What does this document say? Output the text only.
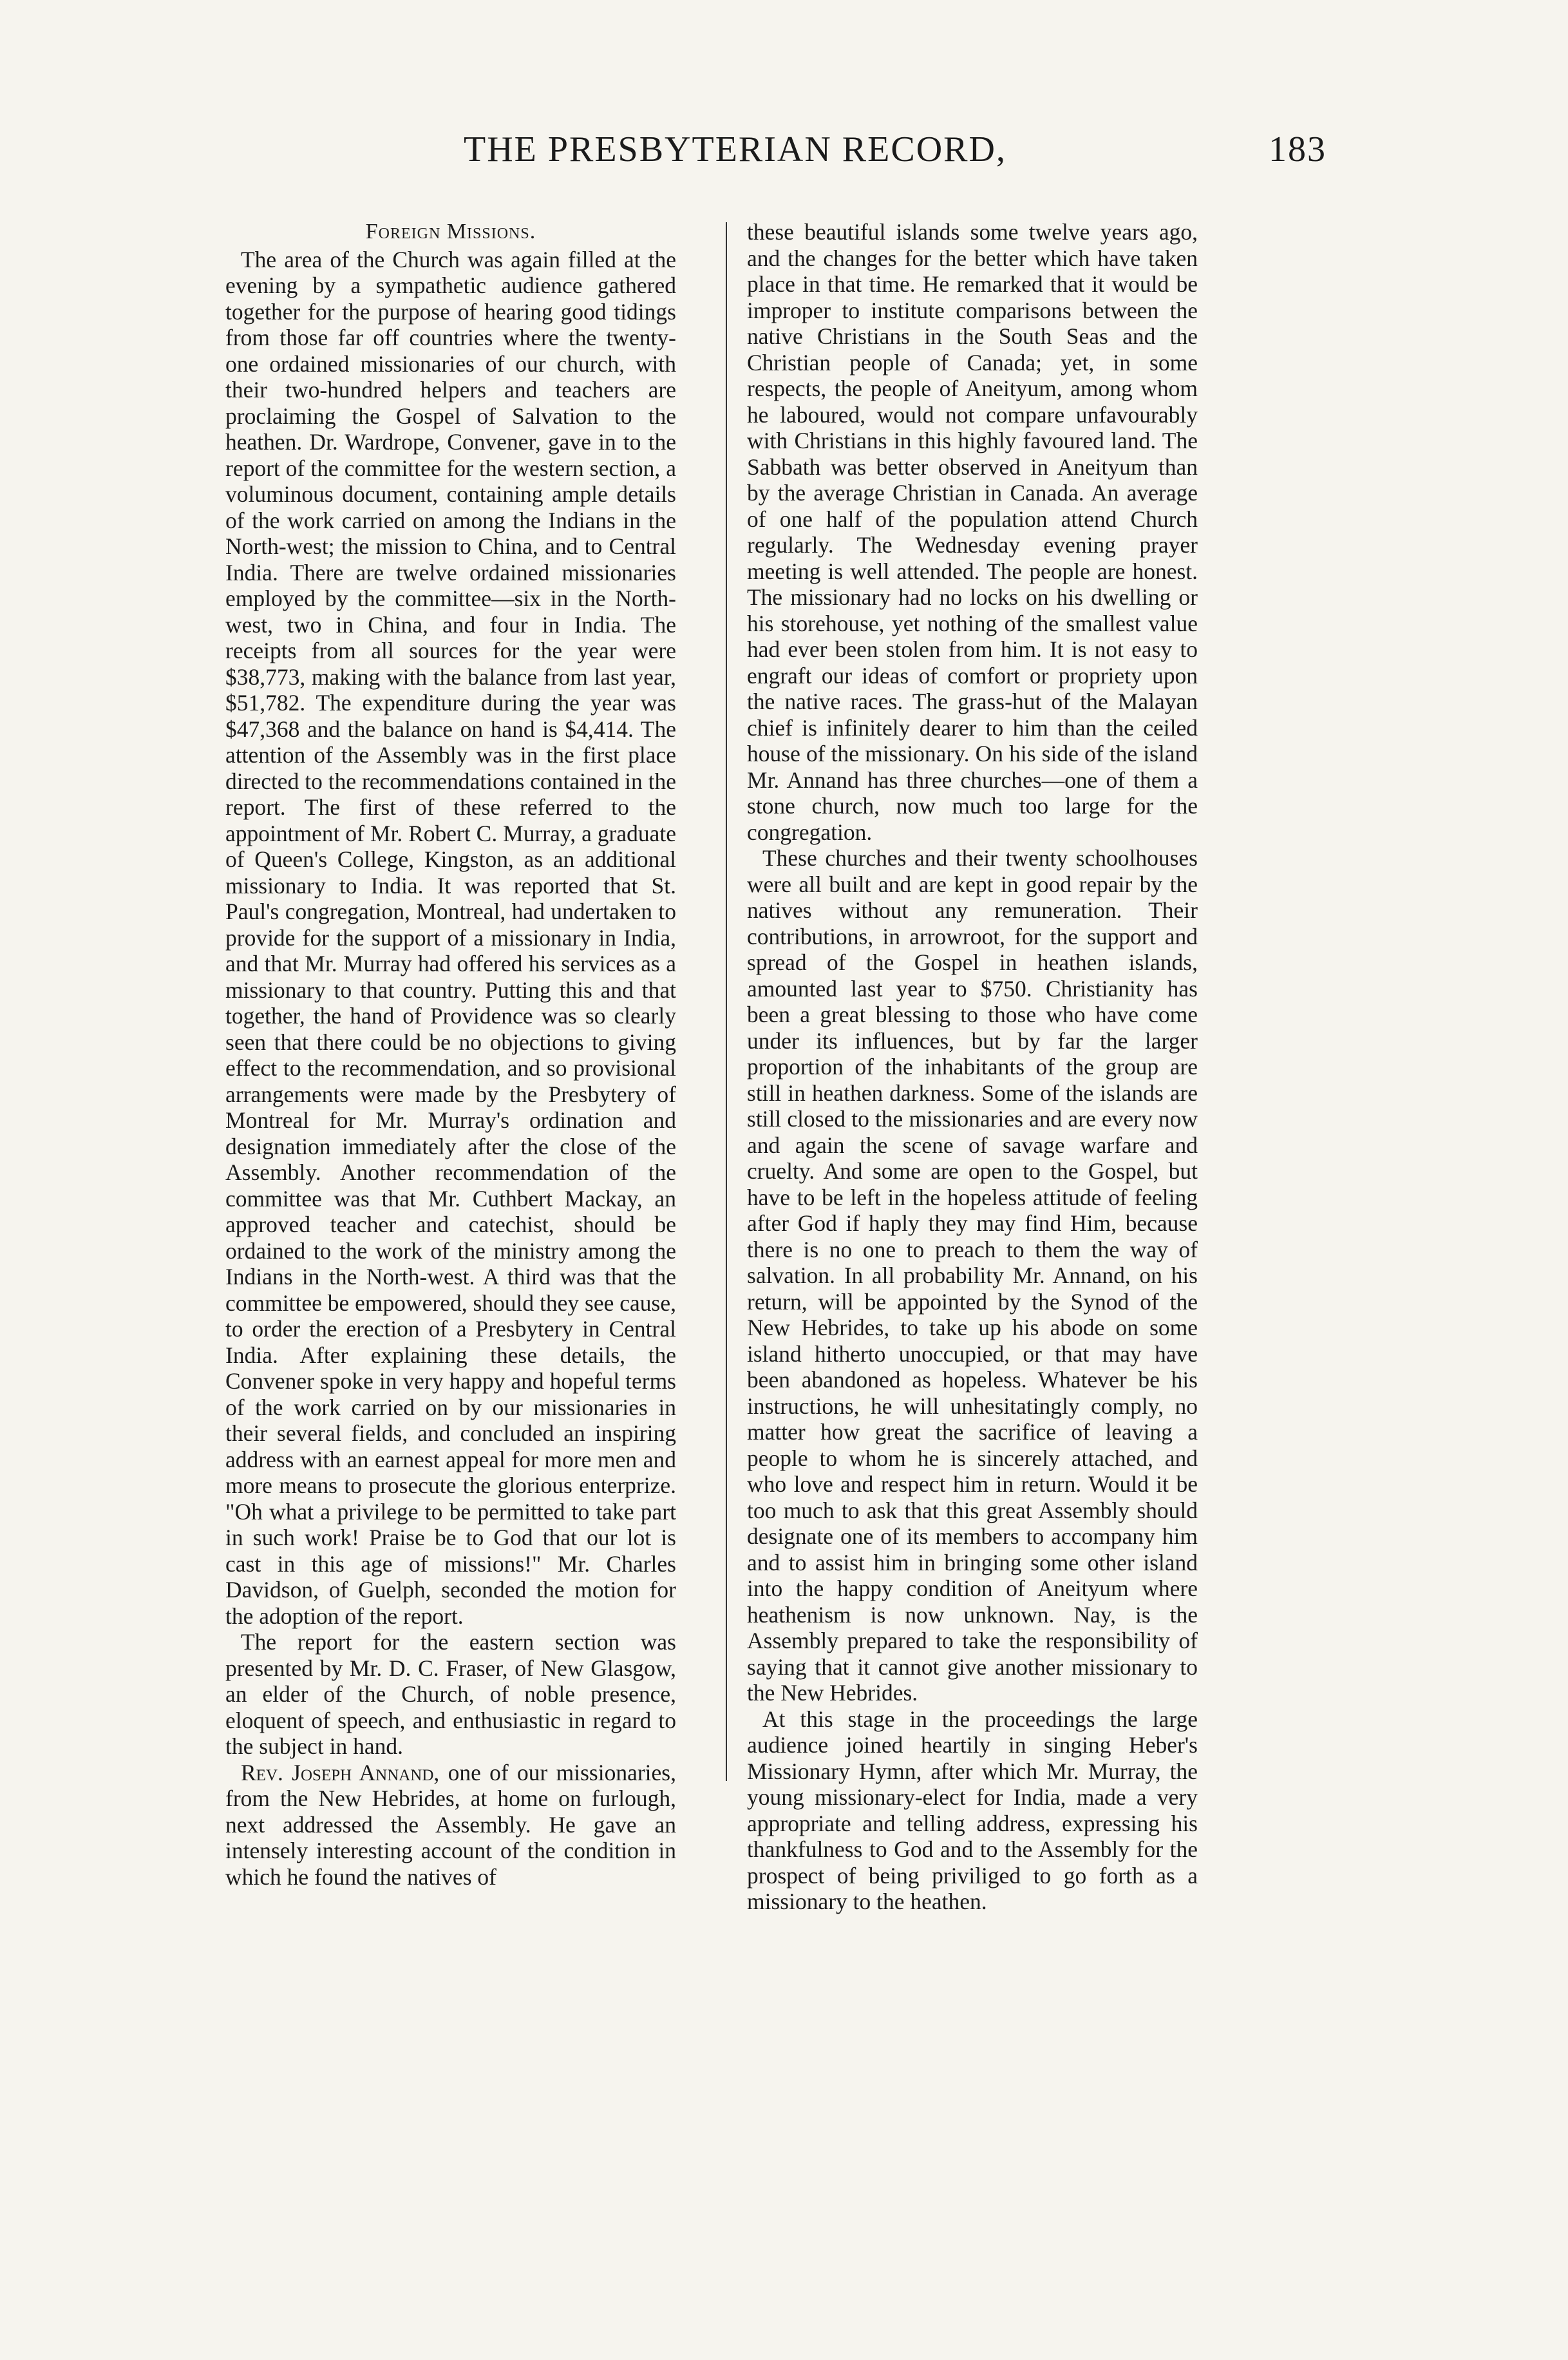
THE PRESBYTERIAN RECORD,	183
Foreign Missions.

The area of the Church was again filled at the evening by a sympathetic audience gathered together for the purpose of hearing good tidings from those far off countries where the twenty-one ordained missionaries of our church, with their two-hundred helpers and teachers are proclaiming the Gospel of Salvation to the heathen. Dr. Wardrope, Convener, gave in to the report of the committee for the western section, a voluminous document, containing ample details of the work carried on among the Indians in the North-west; the mission to China, and to Central India. There are twelve ordained missionaries employed by the committee—six in the North-west, two in China, and four in India. The receipts from all sources for the year were $38,773, making with the balance from last year, $51,782. The expenditure during the year was $47,368 and the balance on hand is $4,414. The attention of the Assembly was in the first place directed to the recommendations contained in the report. The first of these referred to the appointment of Mr. Robert C. Murray, a graduate of Queen's College, Kingston, as an additional missionary to India. It was reported that St. Paul's congregation, Montreal, had undertaken to provide for the support of a missionary in India, and that Mr. Murray had offered his services as a missionary to that country. Putting this and that together, the hand of Providence was so clearly seen that there could be no objections to giving effect to the recommendation, and so provisional arrangements were made by the Presbytery of Montreal for Mr. Murray's ordination and designation immediately after the close of the Assembly. Another recommendation of the committee was that Mr. Cuthbert Mackay, an approved teacher and catechist, should be ordained to the work of the ministry among the Indians in the North-west. A third was that the committee be empowered, should they see cause, to order the erection of a Presbytery in Central India. After explaining these details, the Convener spoke in very happy and hopeful terms of the work carried on by our missionaries in their several fields, and concluded an inspiring address with an earnest appeal for more men and more means to prosecute the glorious enterprize. "Oh what a privilege to be permitted to take part in such work! Praise be to God that our lot is cast in this age of missions!" Mr. Charles Davidson, of Guelph, seconded the motion for the adoption of the report.

The report for the eastern section was presented by Mr. D. C. Fraser, of New Glasgow, an elder of the Church, of noble presence, eloquent of speech, and enthusiastic in regard to the subject in hand.

Rev. Joseph Annand, one of our missionaries, from the New Hebrides, at home on furlough, next addressed the Assembly. He gave an intensely interesting account of the condition in which he found the natives of

these beautiful islands some twelve years ago, and the changes for the better which have taken place in that time. He remarked that it would be improper to institute comparisons between the native Christians in the South Seas and the Christian people of Canada; yet, in some respects, the people of Aneityum, among whom he laboured, would not compare unfavourably with Christians in this highly favoured land. The Sabbath was better observed in Aneityum than by the average Christian in Canada. An average of one half of the population attend Church regularly. The Wednesday evening prayer meeting is well attended. The people are honest. The missionary had no locks on his dwelling or his storehouse, yet nothing of the smallest value had ever been stolen from him. It is not easy to engraft our ideas of comfort or propriety upon the native races. The grass-hut of the Malayan chief is infinitely dearer to him than the ceiled house of the missionary. On his side of the island Mr. Annand has three churches—one of them a stone church, now much too large for the congregation.

These churches and their twenty schoolhouses were all built and are kept in good repair by the natives without any remuneration. Their contributions, in arrowroot, for the support and spread of the Gospel in heathen islands, amounted last year to $750. Christianity has been a great blessing to those who have come under its influences, but by far the larger proportion of the inhabitants of the group are still in heathen darkness. Some of the islands are still closed to the missionaries and are every now and again the scene of savage warfare and cruelty. And some are open to the Gospel, but have to be left in the hopeless attitude of feeling after God if haply they may find Him, because there is no one to preach to them the way of salvation. In all probability Mr. Annand, on his return, will be appointed by the Synod of the New Hebrides, to take up his abode on some island hitherto unoccupied, or that may have been abandoned as hopeless. Whatever be his instructions, he will unhesitatingly comply, no matter how great the sacrifice of leaving a people to whom he is sincerely attached, and who love and respect him in return. Would it be too much to ask that this great Assembly should designate one of its members to accompany him and to assist him in bringing some other island into the happy condition of Aneityum where heathenism is now unknown. Nay, is the Assembly prepared to take the responsibility of saying that it cannot give another missionary to the New Hebrides.

At this stage in the proceedings the large audience joined heartily in singing Heber's Missionary Hymn, after which Mr. Murray, the young missionary-elect for India, made a very appropriate and telling address, expressing his thankfulness to God and to the Assembly for the prospect of being priviliged to go forth as a missionary to the heathen.
